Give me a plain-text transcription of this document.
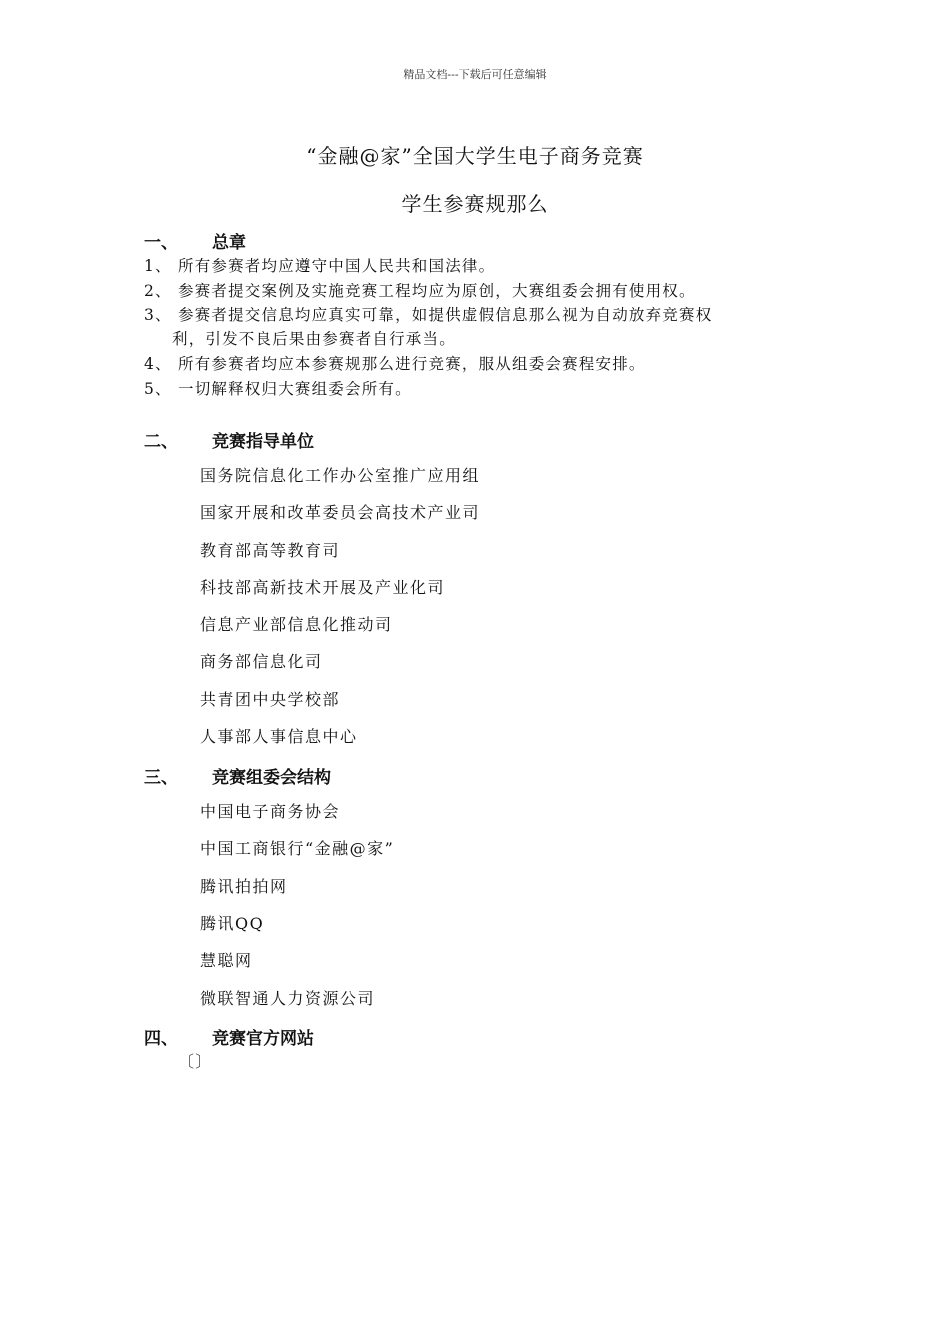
精品文档---下载后可任意编辑
“金融@家”全国大学生电子商务竞赛
学生参赛规那么
一、 总章
1、 所有参赛者均应遵守中国人民共和国法律。
2、 参赛者提交案例及实施竞赛工程均应为原创，大赛组委会拥有使用权。
3、 参赛者提交信息均应真实可靠，如提供虚假信息那么视为自动放弃竞赛权
利，引发不良后果由参赛者自行承当。
4、 所有参赛者均应本参赛规那么进行竞赛，服从组委会赛程安排。
5、 一切解释权归大赛组委会所有。
二、 竞赛指导单位
国务院信息化工作办公室推广应用组
国家开展和改革委员会高技术产业司
教育部高等教育司
科技部高新技术开展及产业化司
信息产业部信息化推动司
商务部信息化司
共青团中央学校部
人事部人事信息中心
三、 竞赛组委会结构
中国电子商务协会
中国工商银行“金融@家”
腾讯拍拍网
腾讯QQ
慧聪网
微联智通人力资源公司
四、 竞赛官方网站
〔〕
